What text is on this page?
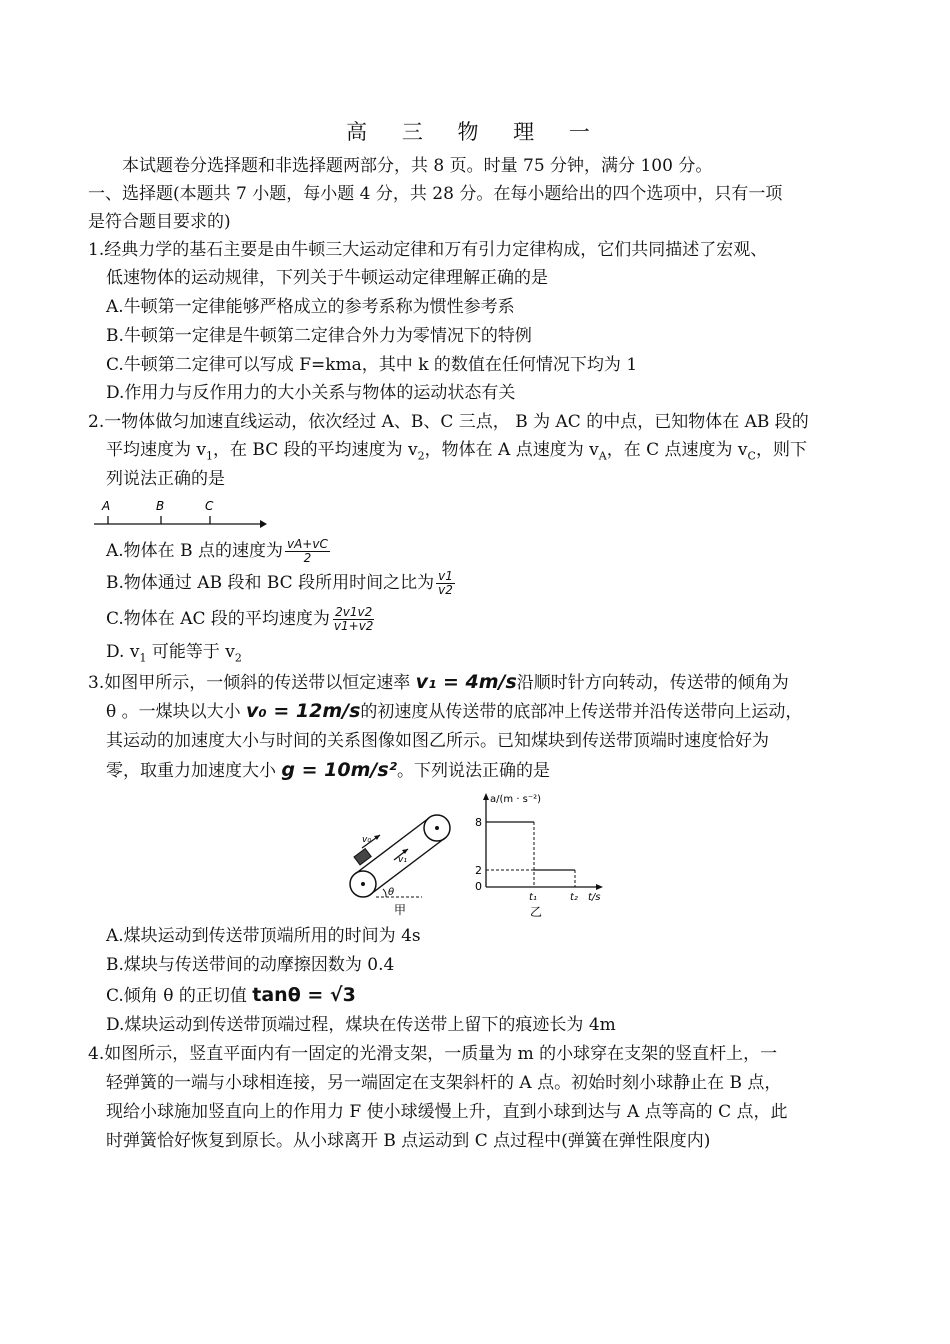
高 三 物 理 一
本试题卷分选择题和非选择题两部分，共 8 页。时量 75 分钟，满分 100 分。
一、选择题(本题共 7 小题，每小题 4 分，共 28 分。在每小题给出的四个选项中，只有一项
是符合题目要求的)
1.经典力学的基石主要是由牛顿三大运动定律和万有引力定律构成，它们共同描述了宏观、
低速物体的运动规律，下列关于牛顿运动定律理解正确的是
A.牛顿第一定律能够严格成立的参考系称为惯性参考系
B.牛顿第一定律是牛顿第二定律合外力为零情况下的特例
C.牛顿第二定律可以写成 F=kma，其中 k 的数值在任何情况下均为 1
D.作用力与反作用力的大小关系与物体的运动状态有关
2.一物体做匀加速直线运动，依次经过 A、B、C 三点， B 为 AC 的中点，已知物体在 AB 段的
平均速度为 $v_1$，在 BC 段的平均速度为 $v_2$，物体在 A 点速度为 $v_A$，在 C 点速度为 $v_C$，则下
列说法正确的是
A	B	C
A.物体在 B 点的速度为 $\frac{vA+vC}{2}$
B.物体通过 AB 段和 BC 段所用时间之比为 $\frac{v1}{v2}$
C.物体在 AC 段的平均速度为 $\frac{2v1v2}{v1+v2}$
D. $v_1$ 可能等于 $v_2$
3.如图甲所示，一倾斜的传送带以恒定速率 v₁ = 4m/s沿顺时针方向转动，传送带的倾角为
θ 。一煤块以大小 v₀ = 12m/s的初速度从传送带的底部冲上传送带并沿传送带向上运动，
其运动的加速度大小与时间的关系图像如图乙所示。已知煤块到传送带顶端时速度恰好为
零，取重力加速度大小 g = 10m/s²。下列说法正确的是
v₀
v₁
θ
甲
a/(m · s⁻²)
8
2
0
t₁	t₂ t/s
乙
A.煤块运动到传送带顶端所用的时间为 4s
B.煤块与传送带间的动摩擦因数为 0.4
C.倾角 θ 的正切值 tanθ = √3
D.煤块运动到传送带顶端过程，煤块在传送带上留下的痕迹长为 4m
4.如图所示，竖直平面内有一固定的光滑支架，一质量为 m 的小球穿在支架的竖直杆上，一
轻弹簧的一端与小球相连接，另一端固定在支架斜杆的 A 点。初始时刻小球静止在 B 点，
现给小球施加竖直向上的作用力 F 使小球缓慢上升，直到小球到达与 A 点等高的 C 点，此
时弹簧恰好恢复到原长。从小球离开 B 点运动到 C 点过程中(弹簧在弹性限度内)
